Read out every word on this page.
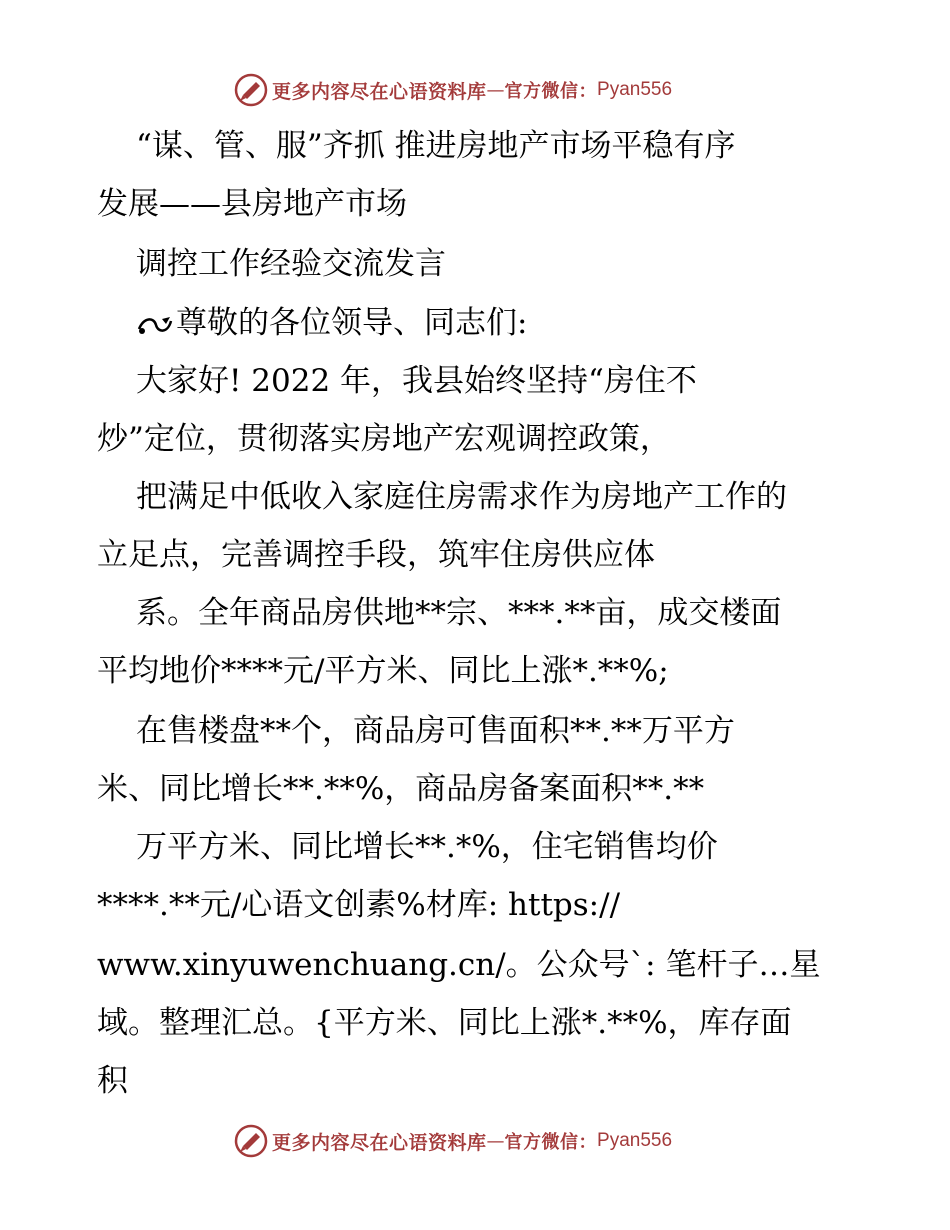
更多内容尽在心语资料库 — 官方微信： Pyan556
“谋、管、服”齐抓 推进房地产市场平稳有序
发展——县房地产市场
调控工作经验交流发言
尊敬的各位领导、同志们:
大家好! 2022 年，我县始终坚持“房住不
炒”定位，贯彻落实房地产宏观调控政策，
把满足中低收入家庭住房需求作为房地产工作的
立足点，完善调控手段，筑牢住房供应体
系。全年商品房供地**宗、***.**亩，成交楼面
平均地价****元/平方米、同比上涨*.**%;
在售楼盘**个，商品房可售面积**.**万平方
米、同比增长**.**%，商品房备案面积**.**
万平方米、同比增长**.*%，住宅销售均价
****.**元/心语文创素%材库: https://
www.xinyuwenchuang.cn/。公众号`: 笔杆子…星
域。整理汇总。{平方米、同比上涨*.**%，库存面
积
更多内容尽在心语资料库 — 官方微信： Pyan556
